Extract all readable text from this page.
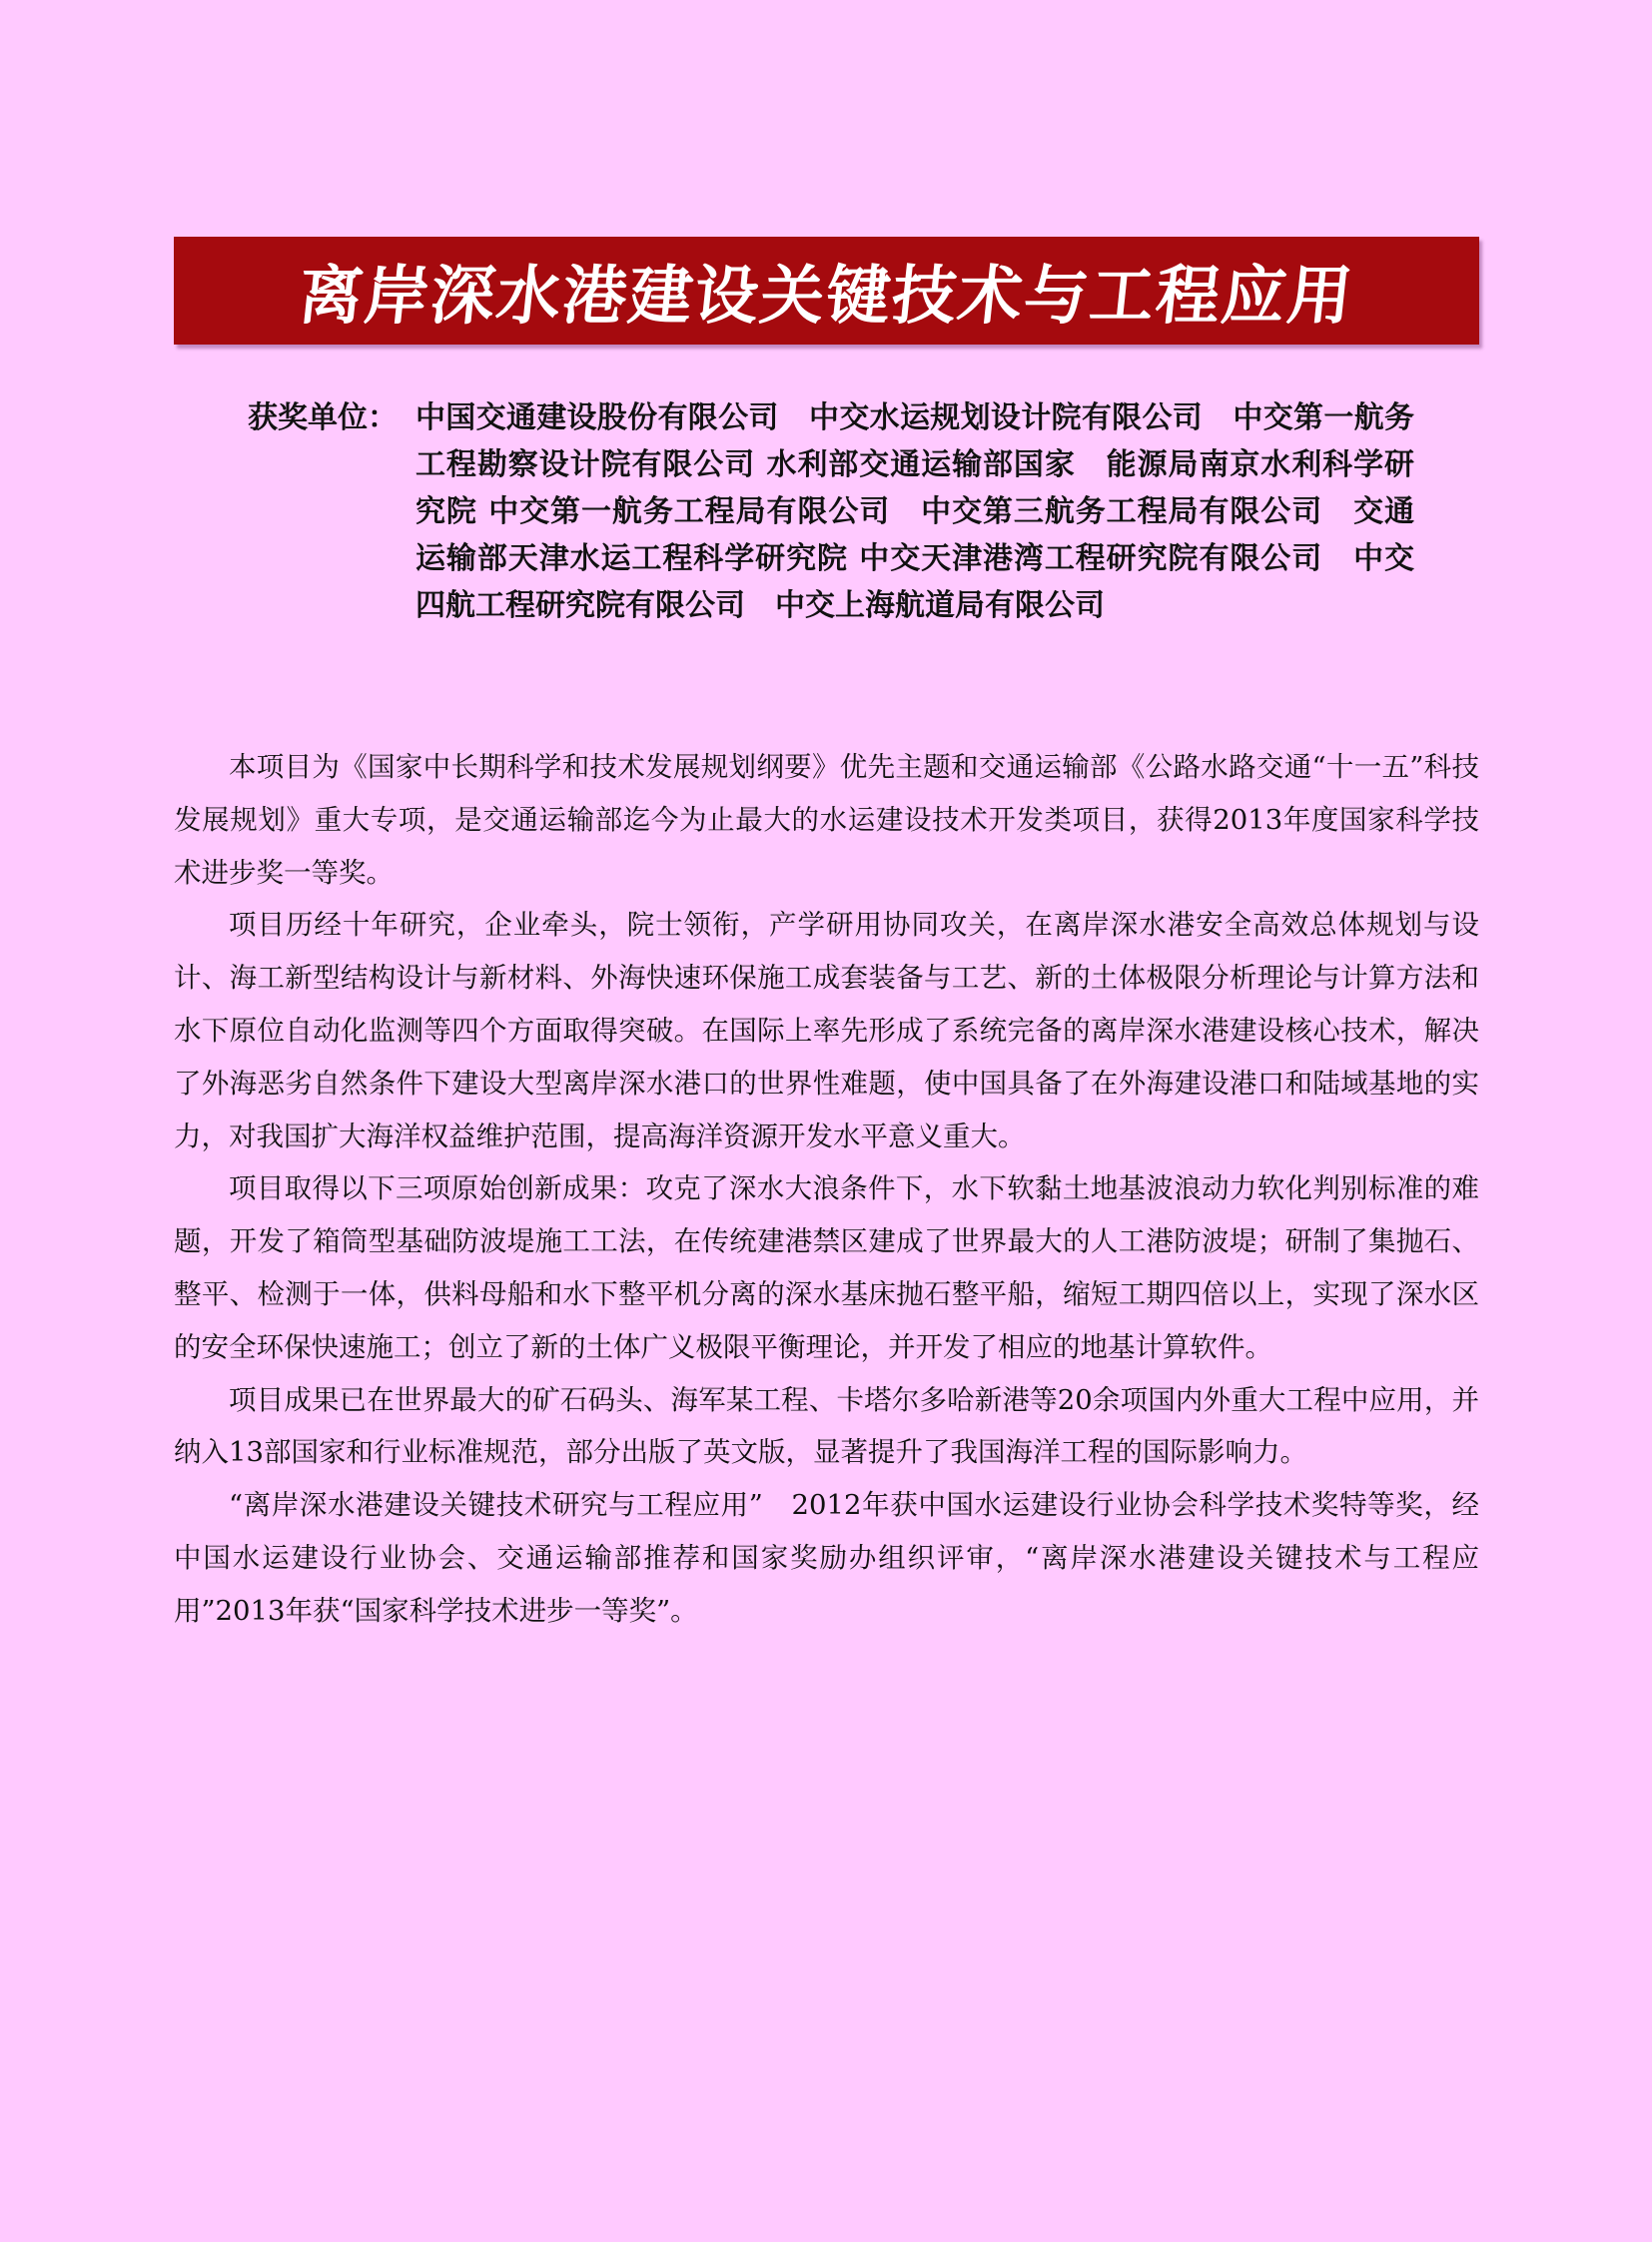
离岸深水港建设关键技术与工程应用
获奖单位： 中国交通建设股份有限公司　中交水运规划设计院有限公司　中交第一航务工程勘察设计院有限公司 水利部交通运输部国家　能源局南京水利科学研究院 中交第一航务工程局有限公司　中交第三航务工程局有限公司　交通运输部天津水运工程科学研究院 中交天津港湾工程研究院有限公司　中交四航工程研究院有限公司　中交上海航道局有限公司

本项目为《国家中长期科学和技术发展规划纲要》优先主题和交通运输部《公路水路交通“十一五”科技发展规划》重大专项，是交通运输部迄今为止最大的水运建设技术开发类项目，获得2013年度国家科学技术进步奖一等奖。

项目历经十年研究，企业牵头，院士领衔，产学研用协同攻关，在离岸深水港安全高效总体规划与设计、海工新型结构设计与新材料、外海快速环保施工成套装备与工艺、新的土体极限分析理论与计算方法和水下原位自动化监测等四个方面取得突破。在国际上率先形成了系统完备的离岸深水港建设核心技术，解决了外海恶劣自然条件下建设大型离岸深水港口的世界性难题，使中国具备了在外海建设港口和陆域基地的实力，对我国扩大海洋权益维护范围，提高海洋资源开发水平意义重大。

项目取得以下三项原始创新成果：攻克了深水大浪条件下，水下软黏土地基波浪动力软化判别标准的难题，开发了箱筒型基础防波堤施工工法，在传统建港禁区建成了世界最大的人工港防波堤；研制了集抛石、整平、检测于一体，供料母船和水下整平机分离的深水基床抛石整平船，缩短工期四倍以上，实现了深水区的安全环保快速施工；创立了新的土体广义极限平衡理论，并开发了相应的地基计算软件。

项目成果已在世界最大的矿石码头、海军某工程、卡塔尔多哈新港等20余项国内外重大工程中应用，并纳入13部国家和行业标准规范，部分出版了英文版，显著提升了我国海洋工程的国际影响力。

“离岸深水港建设关键技术研究与工程应用”　2012年获中国水运建设行业协会科学技术奖特等奖，经中国水运建设行业协会、交通运输部推荐和国家奖励办组织评审，“离岸深水港建设关键技术与工程应用”2013年获“国家科学技术进步一等奖”。
